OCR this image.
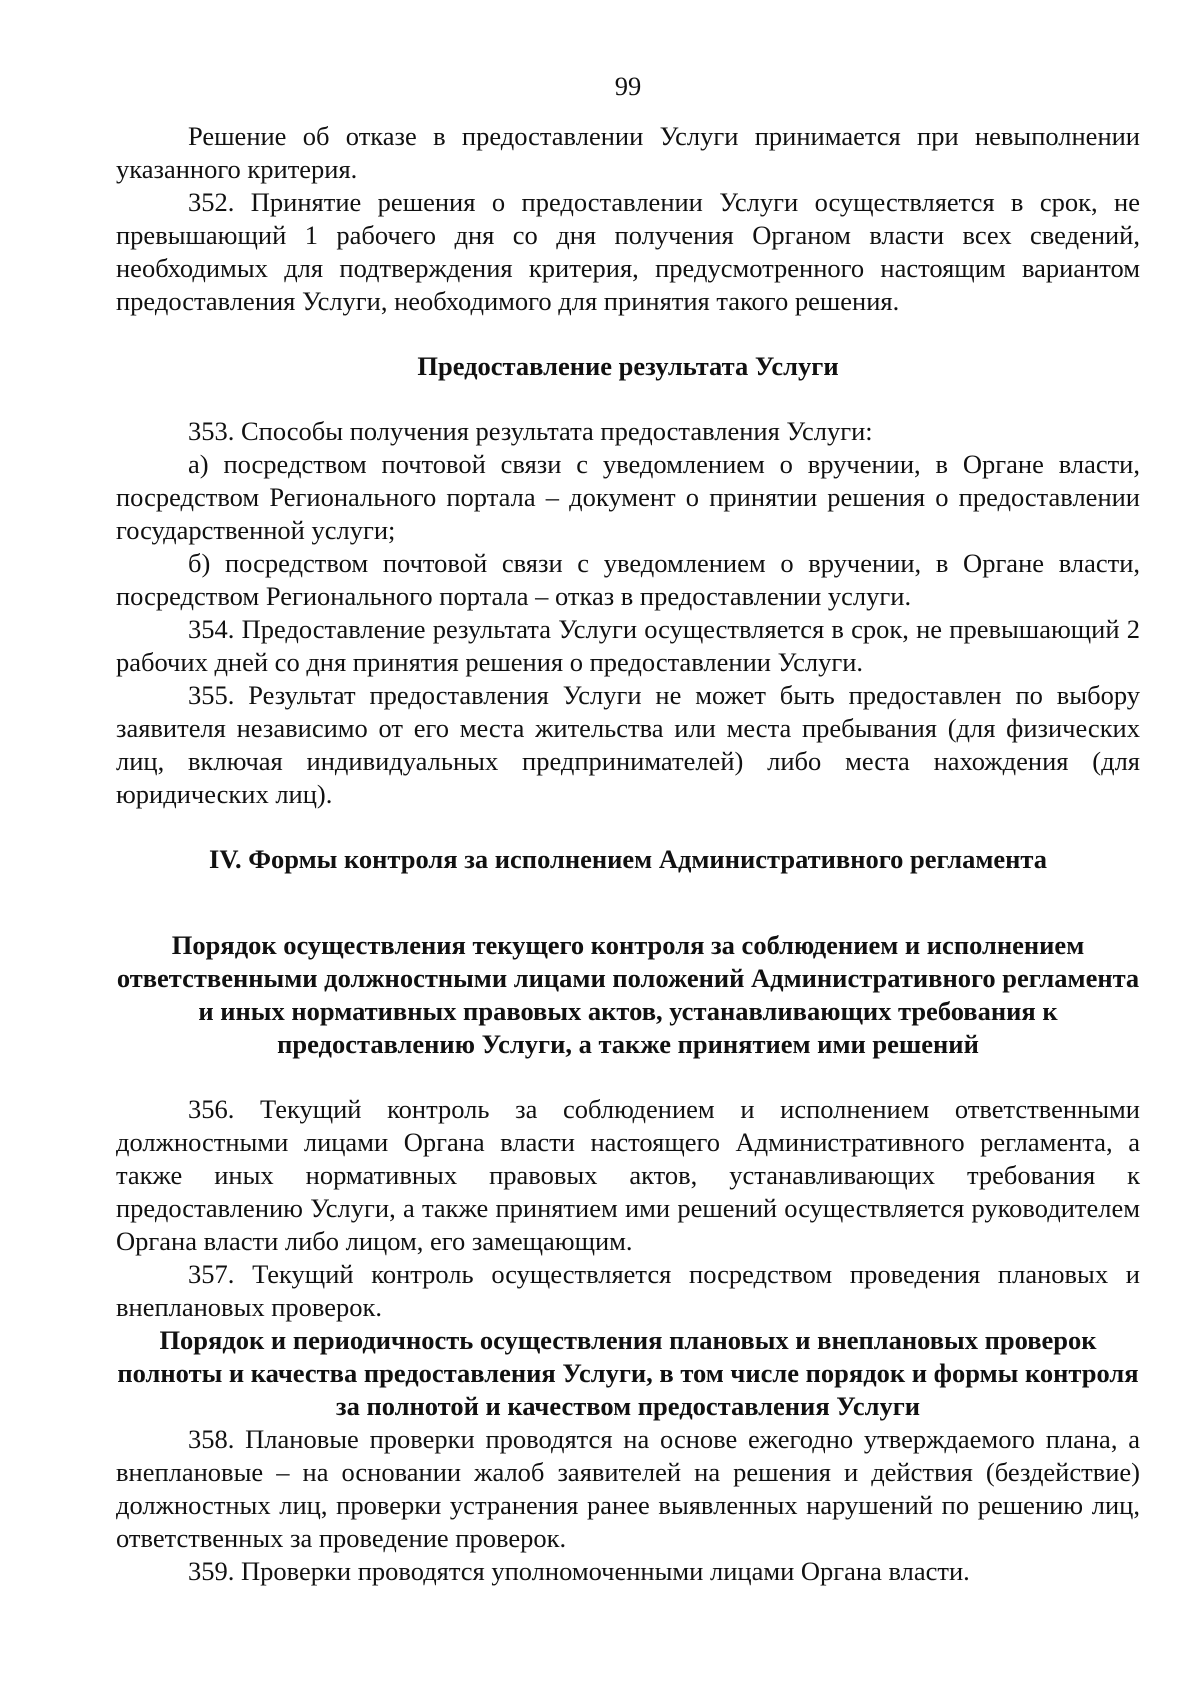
99

Решение об отказе в предоставлении Услуги принимается при невыполнении указанного критерия.

352. Принятие решения о предоставлении Услуги осуществляется в срок, не превышающий 1 рабочего дня со дня получения Органом власти всех сведений, необходимых для подтверждения критерия, предусмотренного настоящим вариантом предоставления Услуги, необходимого для принятия такого решения.

Предоставление результата Услуги

353. Способы получения результата предоставления Услуги:

а) посредством почтовой связи с уведомлением о вручении, в Органе власти, посредством Регионального портала – документ о принятии решения о предоставлении государственной услуги;

б) посредством почтовой связи с уведомлением о вручении, в Органе власти, посредством Регионального портала – отказ в предоставлении услуги.

354. Предоставление результата Услуги осуществляется в срок, не превышающий 2 рабочих дней со дня принятия решения о предоставлении Услуги.

355. Результат предоставления Услуги не может быть предоставлен по выбору заявителя независимо от его места жительства или места пребывания (для физических лиц, включая индивидуальных предпринимателей) либо места нахождения (для юридических лиц).

IV. Формы контроля за исполнением Административного регламента
Порядок осуществления текущего контроля за соблюдением и исполнением ответственными должностными лицами положений Административного регламента и иных нормативных правовых актов, устанавливающих требования к предоставлению Услуги, а также принятием ими решений

356. Текущий контроль за соблюдением и исполнением ответственными должностными лицами Органа власти настоящего Административного регламента, а также иных нормативных правовых актов, устанавливающих требования к предоставлению Услуги, а также принятием ими решений осуществляется руководителем Органа власти либо лицом, его замещающим.

357. Текущий контроль осуществляется посредством проведения плановых и внеплановых проверок.

Порядок и периодичность осуществления плановых и внеплановых проверок полноты и качества предоставления Услуги, в том числе порядок и формы контроля за полнотой и качеством предоставления Услуги

358. Плановые проверки проводятся на основе ежегодно утверждаемого плана, а внеплановые – на основании жалоб заявителей на решения и действия (бездействие) должностных лиц, проверки устранения ранее выявленных нарушений по решению лиц, ответственных за проведение проверок.

359. Проверки проводятся уполномоченными лицами Органа власти.
